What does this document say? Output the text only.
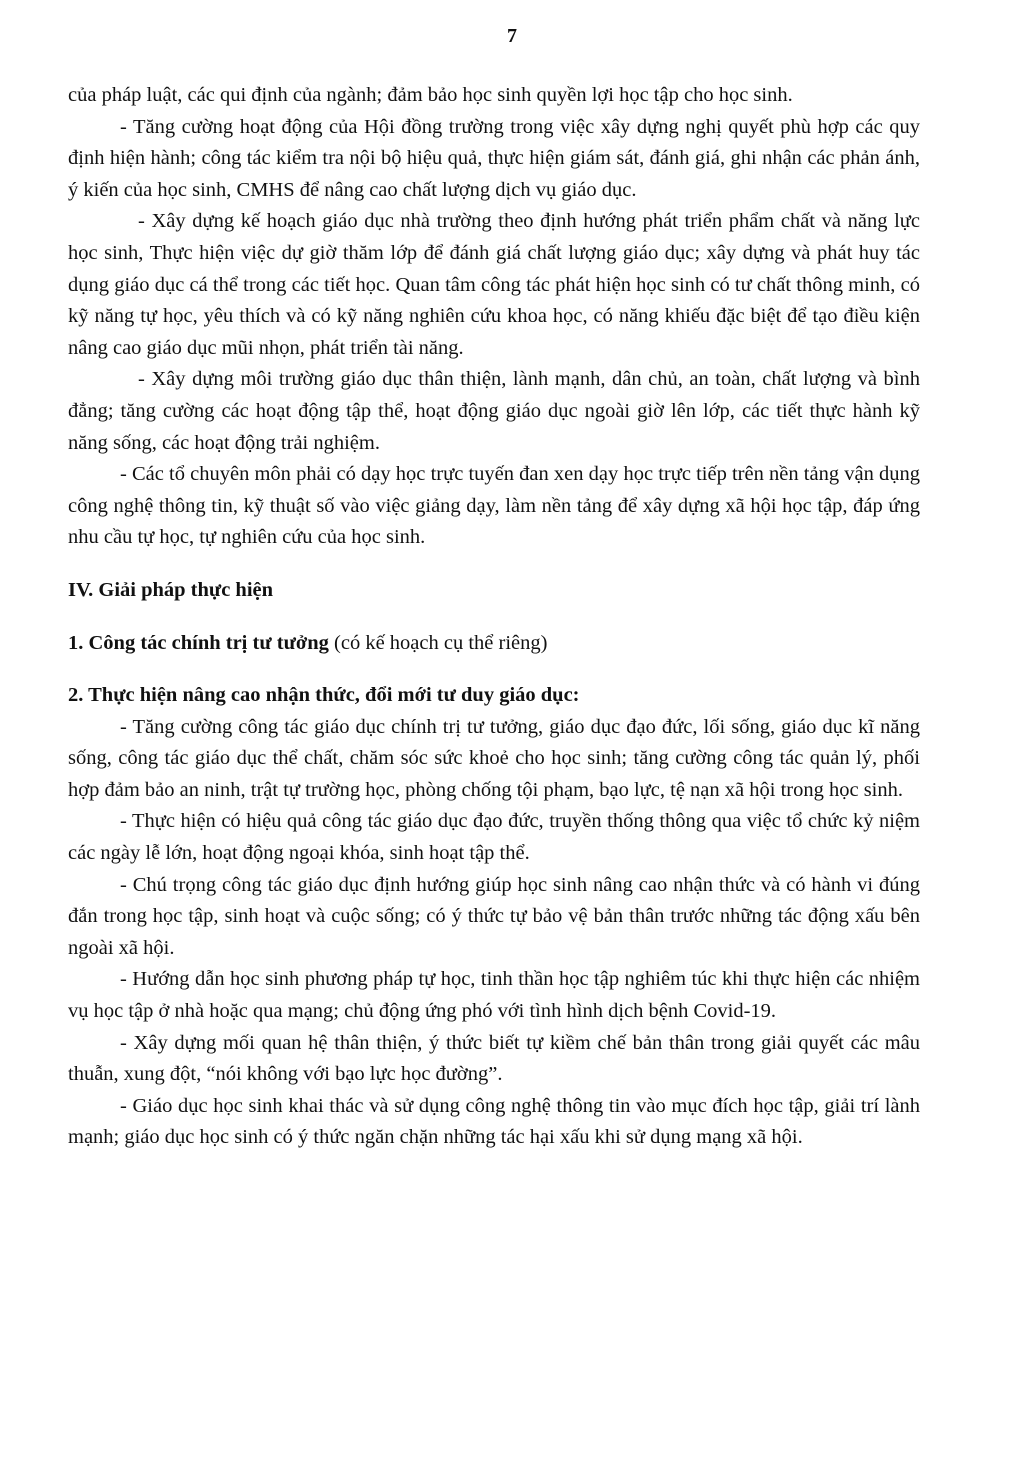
7

của pháp luật, các qui định của ngành; đảm bảo học sinh quyền lợi học tập cho học sinh.

- Tăng cường hoạt động của Hội đồng trường trong việc xây dựng nghị quyết phù hợp các quy định hiện hành; công tác kiểm tra nội bộ hiệu quả, thực hiện giám sát, đánh giá, ghi nhận các phản ánh, ý kiến của học sinh, CMHS để nâng cao chất lượng dịch vụ giáo dục.

- Xây dựng kế hoạch giáo dục nhà trường theo định hướng phát triển phẩm chất và năng lực học sinh, Thực hiện việc dự giờ thăm lớp để đánh giá chất lượng giáo dục; xây dựng và phát huy tác dụng giáo dục cá thể trong các tiết học. Quan tâm công tác phát hiện học sinh có tư chất thông minh, có kỹ năng tự học, yêu thích và có kỹ năng nghiên cứu khoa học, có năng khiếu đặc biệt để tạo điều kiện nâng cao giáo dục mũi nhọn, phát triển tài năng.

- Xây dựng môi trường giáo dục thân thiện, lành mạnh, dân chủ, an toàn, chất lượng và bình đẳng; tăng cường các hoạt động tập thể, hoạt động giáo dục ngoài giờ lên lớp, các tiết thực hành kỹ năng sống, các hoạt động trải nghiệm.

- Các tổ chuyên môn phải có dạy học trực tuyến đan xen dạy học trực tiếp trên nền tảng vận dụng công nghệ thông tin, kỹ thuật số vào việc giảng dạy, làm nền tảng để xây dựng xã hội học tập, đáp ứng nhu cầu tự học, tự nghiên cứu của học sinh.

IV. Giải pháp thực hiện

1. Công tác chính trị tư tưởng (có kế hoạch cụ thể riêng)

2. Thực hiện nâng cao nhận thức, đổi mới tư duy giáo dục:

- Tăng cường công tác giáo dục chính trị tư tưởng, giáo dục đạo đức, lối sống, giáo dục kĩ năng sống, công tác giáo dục thể chất, chăm sóc sức khoẻ cho học sinh; tăng cường công tác quản lý, phối hợp đảm bảo an ninh, trật tự trường học, phòng chống tội phạm, bạo lực, tệ nạn xã hội trong học sinh.

- Thực hiện có hiệu quả công tác giáo dục đạo đức, truyền thống thông qua việc tổ chức kỷ niệm các ngày lễ lớn, hoạt động ngoại khóa, sinh hoạt tập thể.

- Chú trọng công tác giáo dục định hướng giúp học sinh nâng cao nhận thức và có hành vi đúng đắn trong học tập, sinh hoạt và cuộc sống; có ý thức tự bảo vệ bản thân trước những tác động xấu bên ngoài xã hội.

- Hướng dẫn học sinh phương pháp tự học, tinh thần học tập nghiêm túc khi thực hiện các nhiệm vụ học tập ở nhà hoặc qua mạng; chủ động ứng phó với tình hình dịch bệnh Covid-19.

- Xây dựng mối quan hệ thân thiện, ý thức biết tự kiềm chế bản thân trong giải quyết các mâu thuẫn, xung đột, “nói không với bạo lực học đường”.

- Giáo dục học sinh khai thác và sử dụng công nghệ thông tin vào mục đích học tập, giải trí lành mạnh; giáo dục học sinh có ý thức ngăn chặn những tác hại xấu khi sử dụng mạng xã hội.
